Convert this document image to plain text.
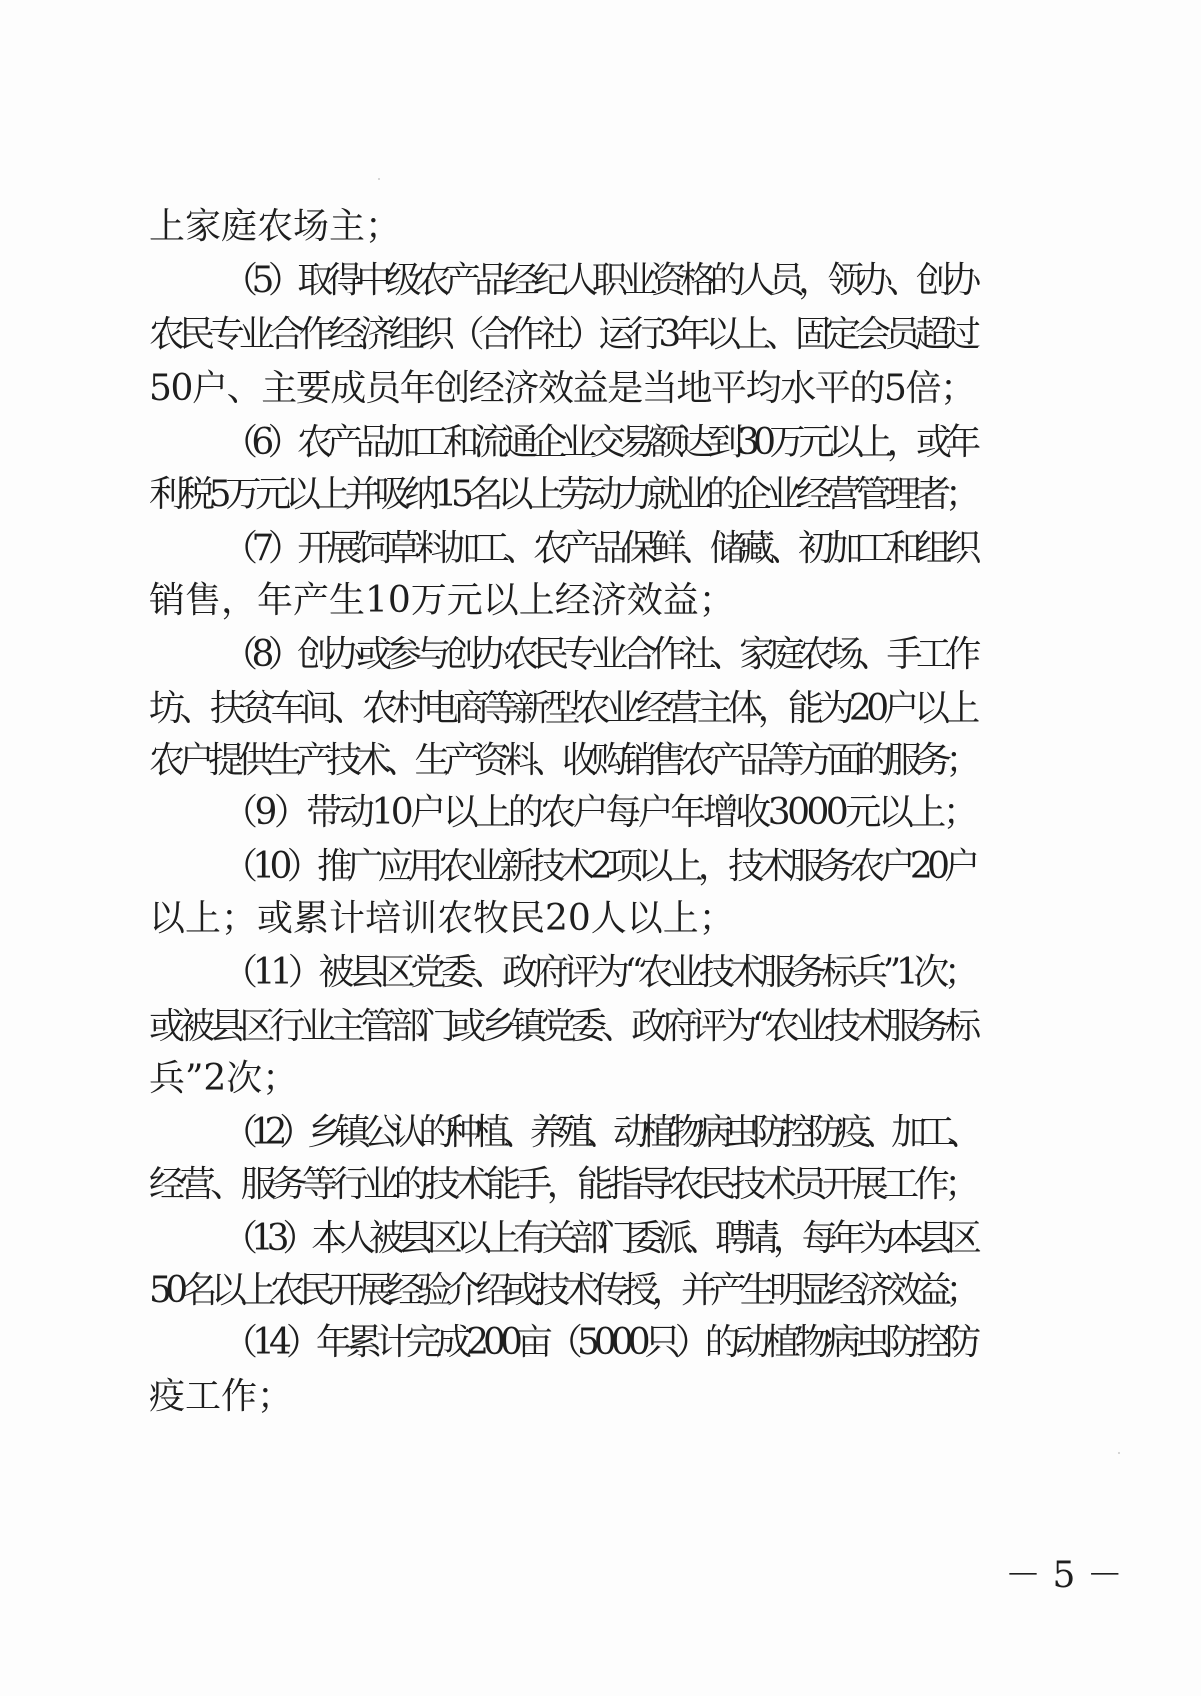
上家庭农场主；
（5）取得中级农产品经纪人职业资格的人员，领办、创办
农民专业合作经济组织（合作社）运行3年以上、固定会员超过
50户、主要成员年创经济效益是当地平均水平的5倍；
（6）农产品加工和流通企业交易额达到30万元以上，或年
利税5万元以上并吸纳15名以上劳动力就业的企业经营管理者；
（7）开展饲草料加工、农产品保鲜、储藏、初加工和组织
销售，年产生10万元以上经济效益；
（8）创办或参与创办农民专业合作社、家庭农场、手工作
坊、扶贫车间、农村电商等新型农业经营主体，能为20户以上
农户提供生产技术、生产资料、收购销售农产品等方面的服务；
（9）带动10户以上的农户每户年增收3000元以上；
（10）推广应用农业新技术2项以上，技术服务农户20户
以上；或累计培训农牧民20人以上；
（11）被县区党委、政府评为“农业技术服务标兵”1次；
或被县区行业主管部门或乡镇党委、政府评为“农业技术服务标
兵”2次；
（12）乡镇公认的种植、养殖、动植物病虫防控防疫、加工、
经营、服务等行业的技术能手，能指导农民技术员开展工作；
（13）本人被县区以上有关部门委派、聘请，每年为本县区
50名以上农民开展经验介绍或技术传授，并产生明显经济效益；
（14）年累计完成200亩（5000只）的动植物病虫防控防
疫工作；
－ 5 －
